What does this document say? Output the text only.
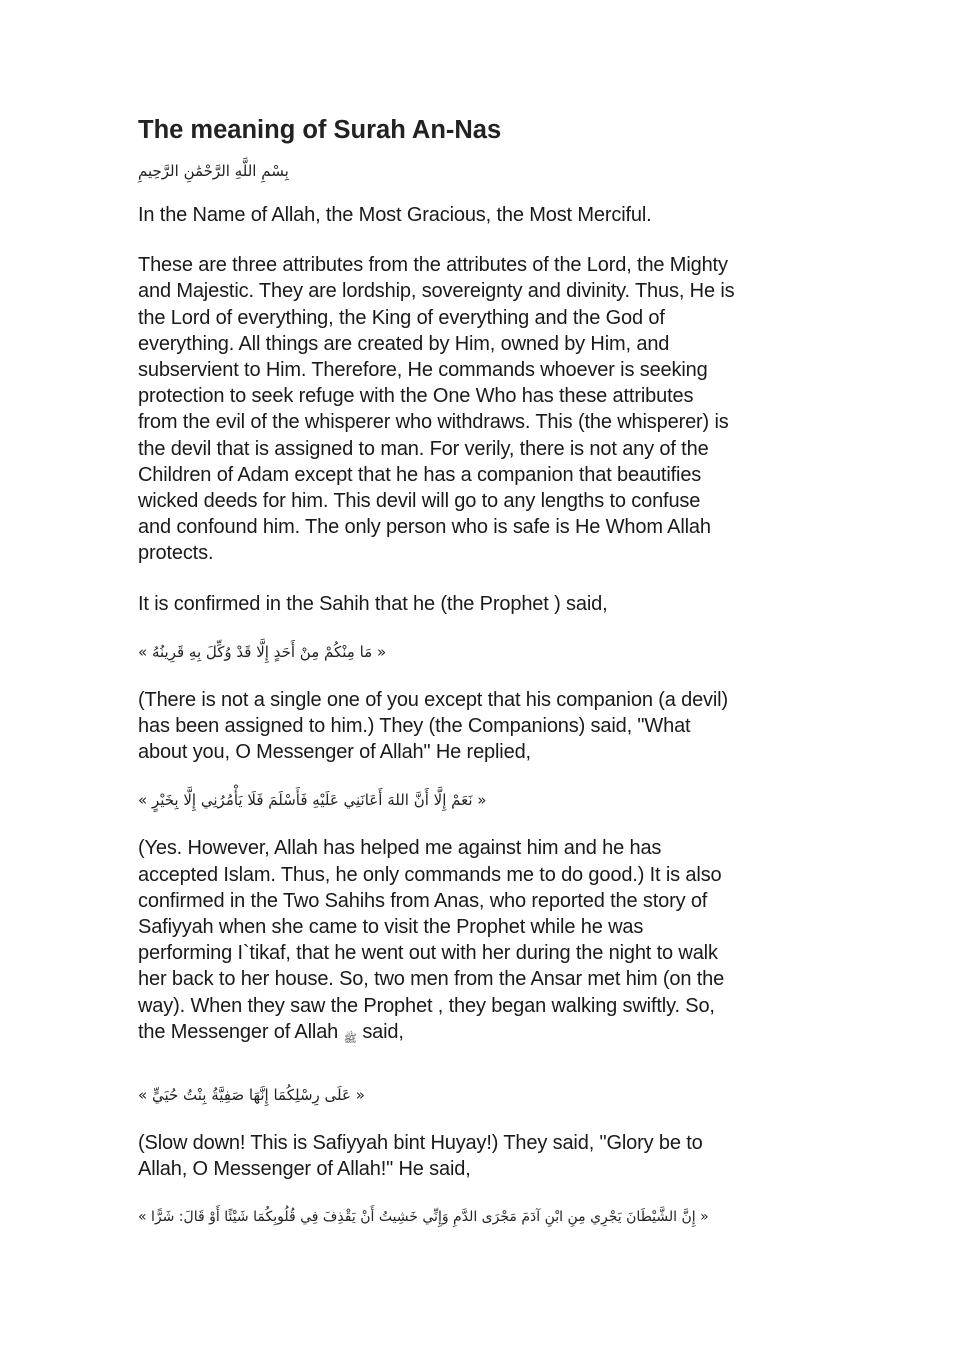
The meaning of Surah An-Nas
بِسْمِ اللَّهِ الرَّحْمَٰنِ الرَّحِيمِ

In the Name of Allah, the Most Gracious, the Most Merciful.

These are three attributes from the attributes of the Lord, the Mighty
and Majestic. They are lordship, sovereignty and divinity. Thus, He is
the Lord of everything, the King of everything and the God of
everything. All things are created by Him, owned by Him, and
subservient to Him. Therefore, He commands whoever is seeking
protection to seek refuge with the One Who has these attributes
from the evil of the whisperer who withdraws. This (the whisperer) is
the devil that is assigned to man. For verily, there is not any of the
Children of Adam except that he has a companion that beautifies
wicked deeds for him. This devil will go to any lengths to confuse
and confound him. The only person who is safe is He Whom Allah
protects.

It is confirmed in the Sahih that he (the Prophet ) said,

« مَا مِنْكُمْ مِنْ أَحَدٍ إِلَّا قَدْ وُكِّلَ بِهِ قَرِينُهُ »

(There is not a single one of you except that his companion (a devil)
has been assigned to him.) They (the Companions) said, "What
about you, O Messenger of Allah" He replied,

« نَعَمْ إِلَّا أَنَّ اللهَ أَعَانَنِي عَلَيْهِ فَأَسْلَمَ فَلَا يَأْمُرُنِي إِلَّا بِخَيْرٍ »

(Yes. However, Allah has helped me against him and he has
accepted Islam. Thus, he only commands me to do good.) It is also
confirmed in the Two Sahihs from Anas, who reported the story of
Safiyyah when she came to visit the Prophet while he was
performing I`tikaf, that he went out with her during the night to walk
her back to her house. So, two men from the Ansar met him (on the
way). When they saw the Prophet , they began walking swiftly. So,
the Messenger of Allah ﷺ said,

« عَلَى رِسْلِكُمَا إِنَّهَا صَفِيَّةُ بِنْتُ حُيَيٍّ »

(Slow down! This is Safiyyah bint Huyay!) They said, "Glory be to
Allah, O Messenger of Allah!" He said,

« إِنَّ الشَّيْطَانَ يَجْرِي مِنِ ابْنِ آدَمَ مَجْرَى الدَّمِ وَإِنِّي خَشِيتُ أَنْ يَقْذِفَ فِي قُلُوبِكُمَا شَيْئًا أَوْ قَالَ: شَرًّا »
